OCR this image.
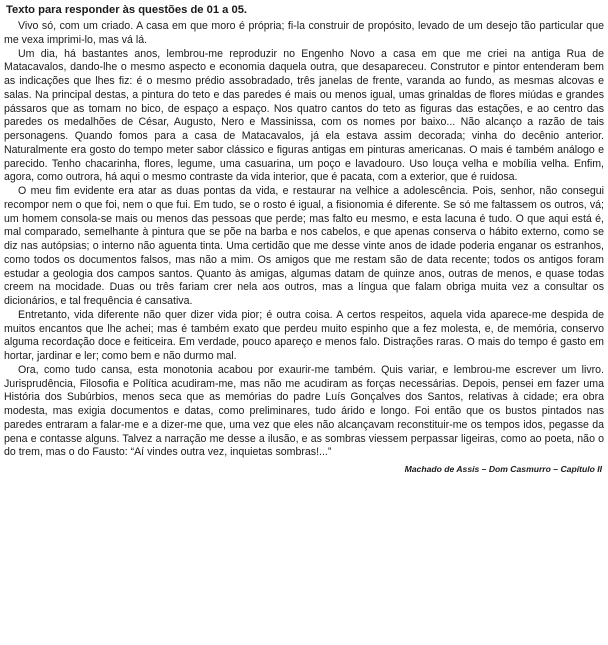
Texto para responder às questões de 01 a 05.

Vivo só, com um criado. A casa em que moro é própria; fi-la construir de propósito, levado de um desejo tão particular que me vexa imprimi-lo, mas vá lá.

Um dia, há bastantes anos, lembrou-me reproduzir no Engenho Novo a casa em que me criei na antiga Rua de Matacavalos, dando-lhe o mesmo aspecto e economia daquela outra, que desapareceu. Construtor e pintor entenderam bem as indicações que lhes fiz: é o mesmo prédio assobradado, três janelas de frente, varanda ao fundo, as mesmas alcovas e salas. Na principal destas, a pintura do teto e das paredes é mais ou menos igual, umas grinaldas de flores miúdas e grandes pássaros que as tomam no bico, de espaço a espaço. Nos quatro cantos do teto as figuras das estações, e ao centro das paredes os medalhões de César, Augusto, Nero e Massinissa, com os nomes por baixo... Não alcanço a razão de tais personagens. Quando fomos para a casa de Matacavalos, já ela estava assim decorada; vinha do decênio anterior. Naturalmente era gosto do tempo meter sabor clássico e figuras antigas em pinturas americanas. O mais é também análogo e parecido. Tenho chacarinha, flores, legume, uma casuarina, um poço e lavadouro. Uso louça velha e mobília velha. Enfim, agora, como outrora, há aqui o mesmo contraste da vida interior, que é pacata, com a exterior, que é ruidosa.

O meu fim evidente era atar as duas pontas da vida, e restaurar na velhice a adolescência. Pois, senhor, não consegui recompor nem o que foi, nem o que fui. Em tudo, se o rosto é igual, a fisionomia é diferente. Se só me faltassem os outros, vá; um homem consola-se mais ou menos das pessoas que perde; mas falto eu mesmo, e esta lacuna é tudo. O que aqui está é, mal comparado, semelhante à pintura que se põe na barba e nos cabelos, e que apenas conserva o hábito externo, como se diz nas autópsias; o interno não aguenta tinta. Uma certidão que me desse vinte anos de idade poderia enganar os estranhos, como todos os documentos falsos, mas não a mim. Os amigos que me restam são de data recente; todos os antigos foram estudar a geologia dos campos santos. Quanto às amigas, algumas datam de quinze anos, outras de menos, e quase todas creem na mocidade. Duas ou três fariam crer nela aos outros, mas a língua que falam obriga muita vez a consultar os dicionários, e tal frequência é cansativa.

Entretanto, vida diferente não quer dizer vida pior; é outra coisa. A certos respeitos, aquela vida aparece-me despida de muitos encantos que lhe achei; mas é também exato que perdeu muito espinho que a fez molesta, e, de memória, conservo alguma recordação doce e feiticeira. Em verdade, pouco apareço e menos falo. Distrações raras. O mais do tempo é gasto em hortar, jardinar e ler; como bem e não durmo mal.

Ora, como tudo cansa, esta monotonia acabou por exaurir-me também. Quis variar, e lembrou-me escrever um livro. Jurisprudência, Filosofia e Política acudiram-me, mas não me acudiram as forças necessárias. Depois, pensei em fazer uma História dos Subúrbios, menos seca que as memórias do padre Luís Gonçalves dos Santos, relativas à cidade; era obra modesta, mas exigia documentos e datas, como preliminares, tudo árido e longo. Foi então que os bustos pintados nas paredes entraram a falar-me e a dizer-me que, uma vez que eles não alcançavam reconstituir-me os tempos idos, pegasse da pena e contasse alguns. Talvez a narração me desse a ilusão, e as sombras viessem perpassar ligeiras, como ao poeta, não o do trem, mas o do Fausto: “Aí vindes outra vez, inquietas sombras!...”

Machado de Assis – Dom Casmurro – Capítulo II
